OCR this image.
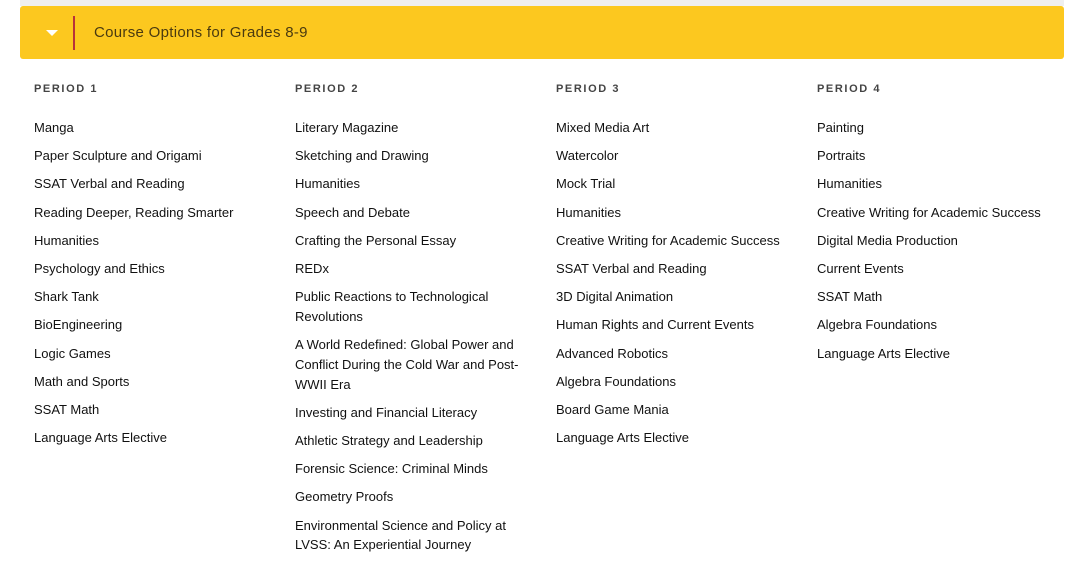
Course Options for Grades 8-9
PERIOD 1
Manga
Paper Sculpture and Origami
SSAT Verbal and Reading
Reading Deeper, Reading Smarter
Humanities
Psychology and Ethics
Shark Tank
BioEngineering
Logic Games
Math and Sports
SSAT Math
Language Arts Elective
PERIOD 2
Literary Magazine
Sketching and Drawing
Humanities
Speech and Debate
Crafting the Personal Essay
REDx
Public Reactions to Technological Revolutions
A World Redefined: Global Power and Conflict During the Cold War and Post-WWII Era
Investing and Financial Literacy
Athletic Strategy and Leadership
Forensic Science: Criminal Minds
Geometry Proofs
Environmental Science and Policy at LVSS: An Experiential Journey
PERIOD 3
Mixed Media Art
Watercolor
Mock Trial
Humanities
Creative Writing for Academic Success
SSAT Verbal and Reading
3D Digital Animation
Human Rights and Current Events
Advanced Robotics
Algebra Foundations
Board Game Mania
Language Arts Elective
PERIOD 4
Painting
Portraits
Humanities
Creative Writing for Academic Success
Digital Media Production
Current Events
SSAT Math
Algebra Foundations
Language Arts Elective
